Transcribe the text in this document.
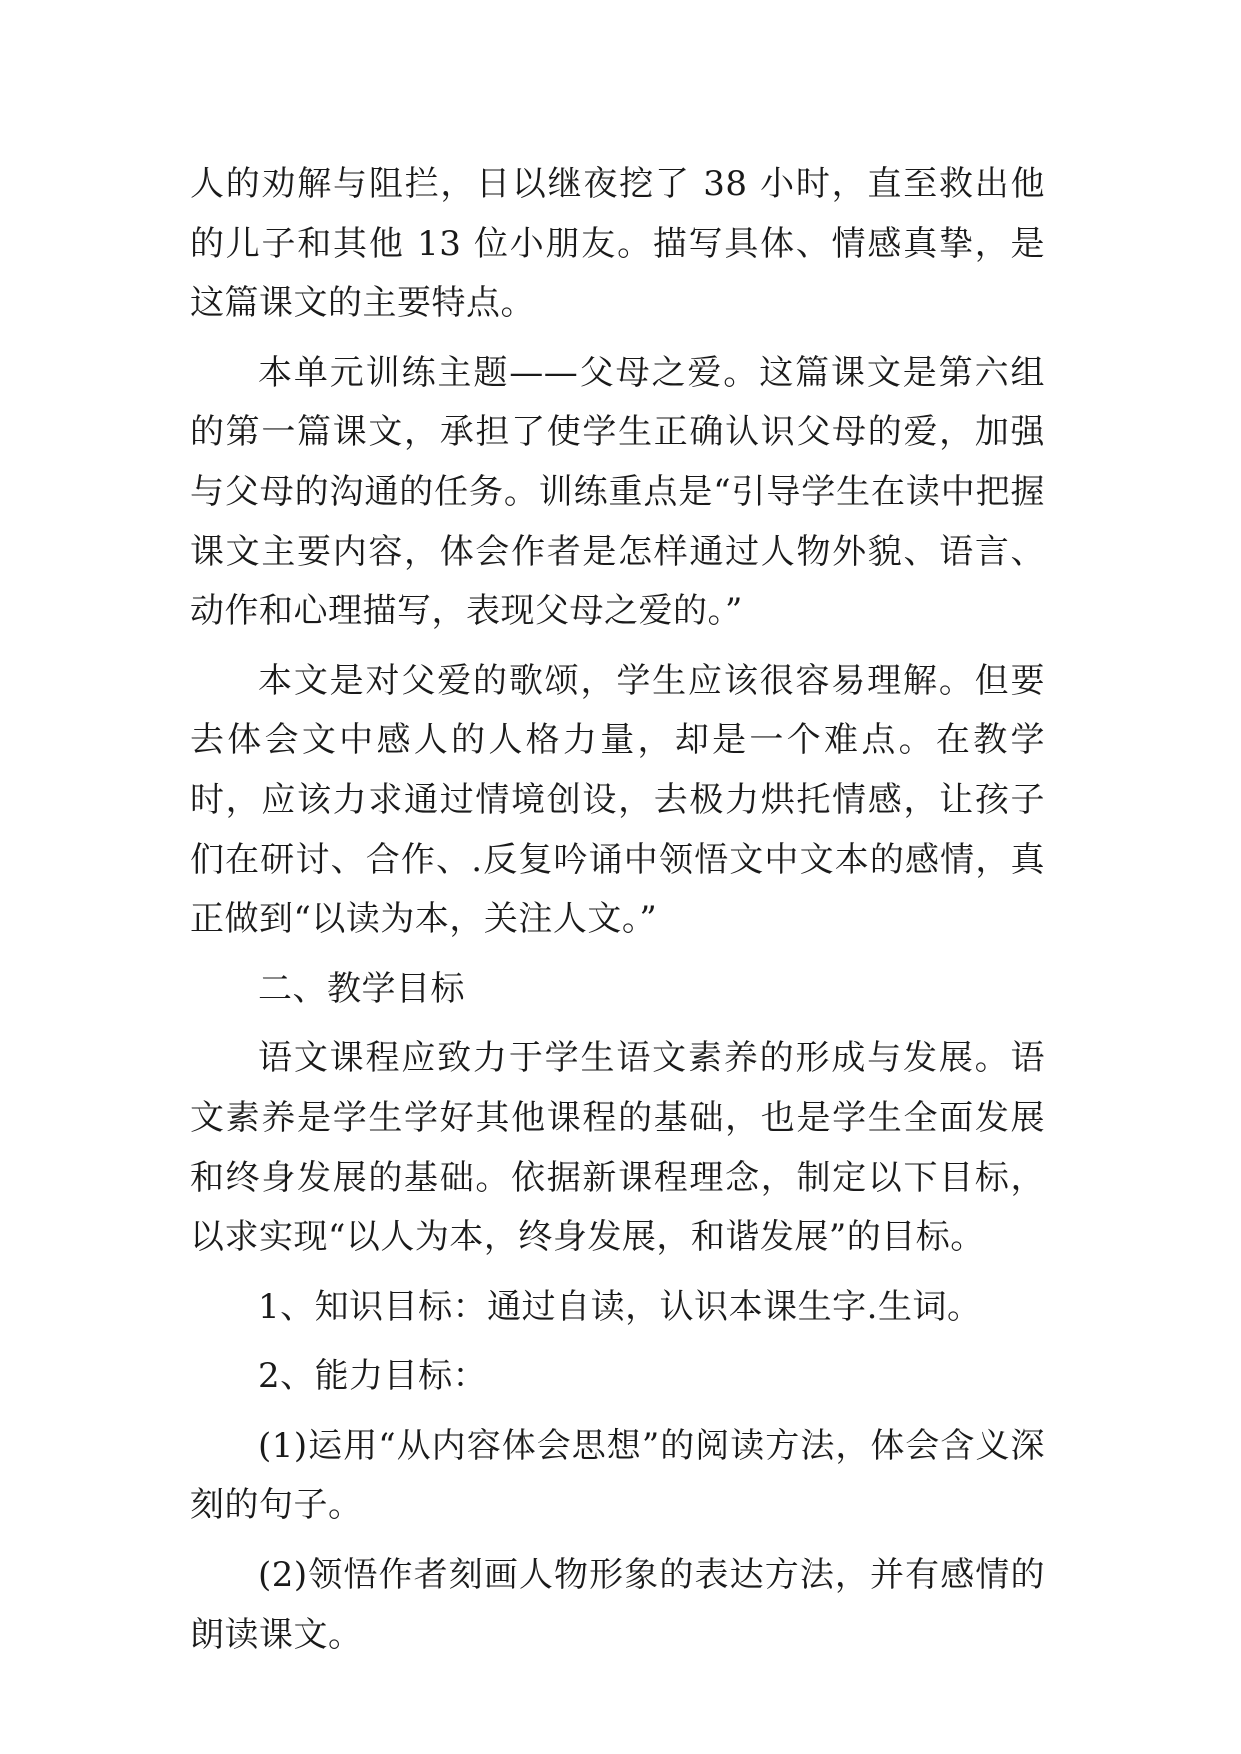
人的劝解与阻拦，日以继夜挖了 38 小时，直至救出他的儿子和其他 13 位小朋友。描写具体、情感真挚，是这篇课文的主要特点。

本单元训练主题——父母之爱。这篇课文是第六组的第一篇课文，承担了使学生正确认识父母的爱，加强与父母的沟通的任务。训练重点是“引导学生在读中把握课文主要内容，体会作者是怎样通过人物外貌、语言、动作和心理描写，表现父母之爱的。”

本文是对父爱的歌颂，学生应该很容易理解。但要去体会文中感人的人格力量，却是一个难点。在教学时，应该力求通过情境创设，去极力烘托情感，让孩子们在研讨、合作、.反复吟诵中领悟文中文本的感情，真正做到“以读为本，关注人文。”

二、教学目标

语文课程应致力于学生语文素养的形成与发展。语文素养是学生学好其他课程的基础，也是学生全面发展和终身发展的基础。依据新课程理念，制定以下目标，以求实现“以人为本，终身发展，和谐发展”的目标。

1、知识目标：通过自读，认识本课生字.生词。

2、能力目标：

(1)运用“从内容体会思想”的阅读方法，体会含义深刻的句子。

(2)领悟作者刻画人物形象的表达方法，并有感情的朗读课文。
